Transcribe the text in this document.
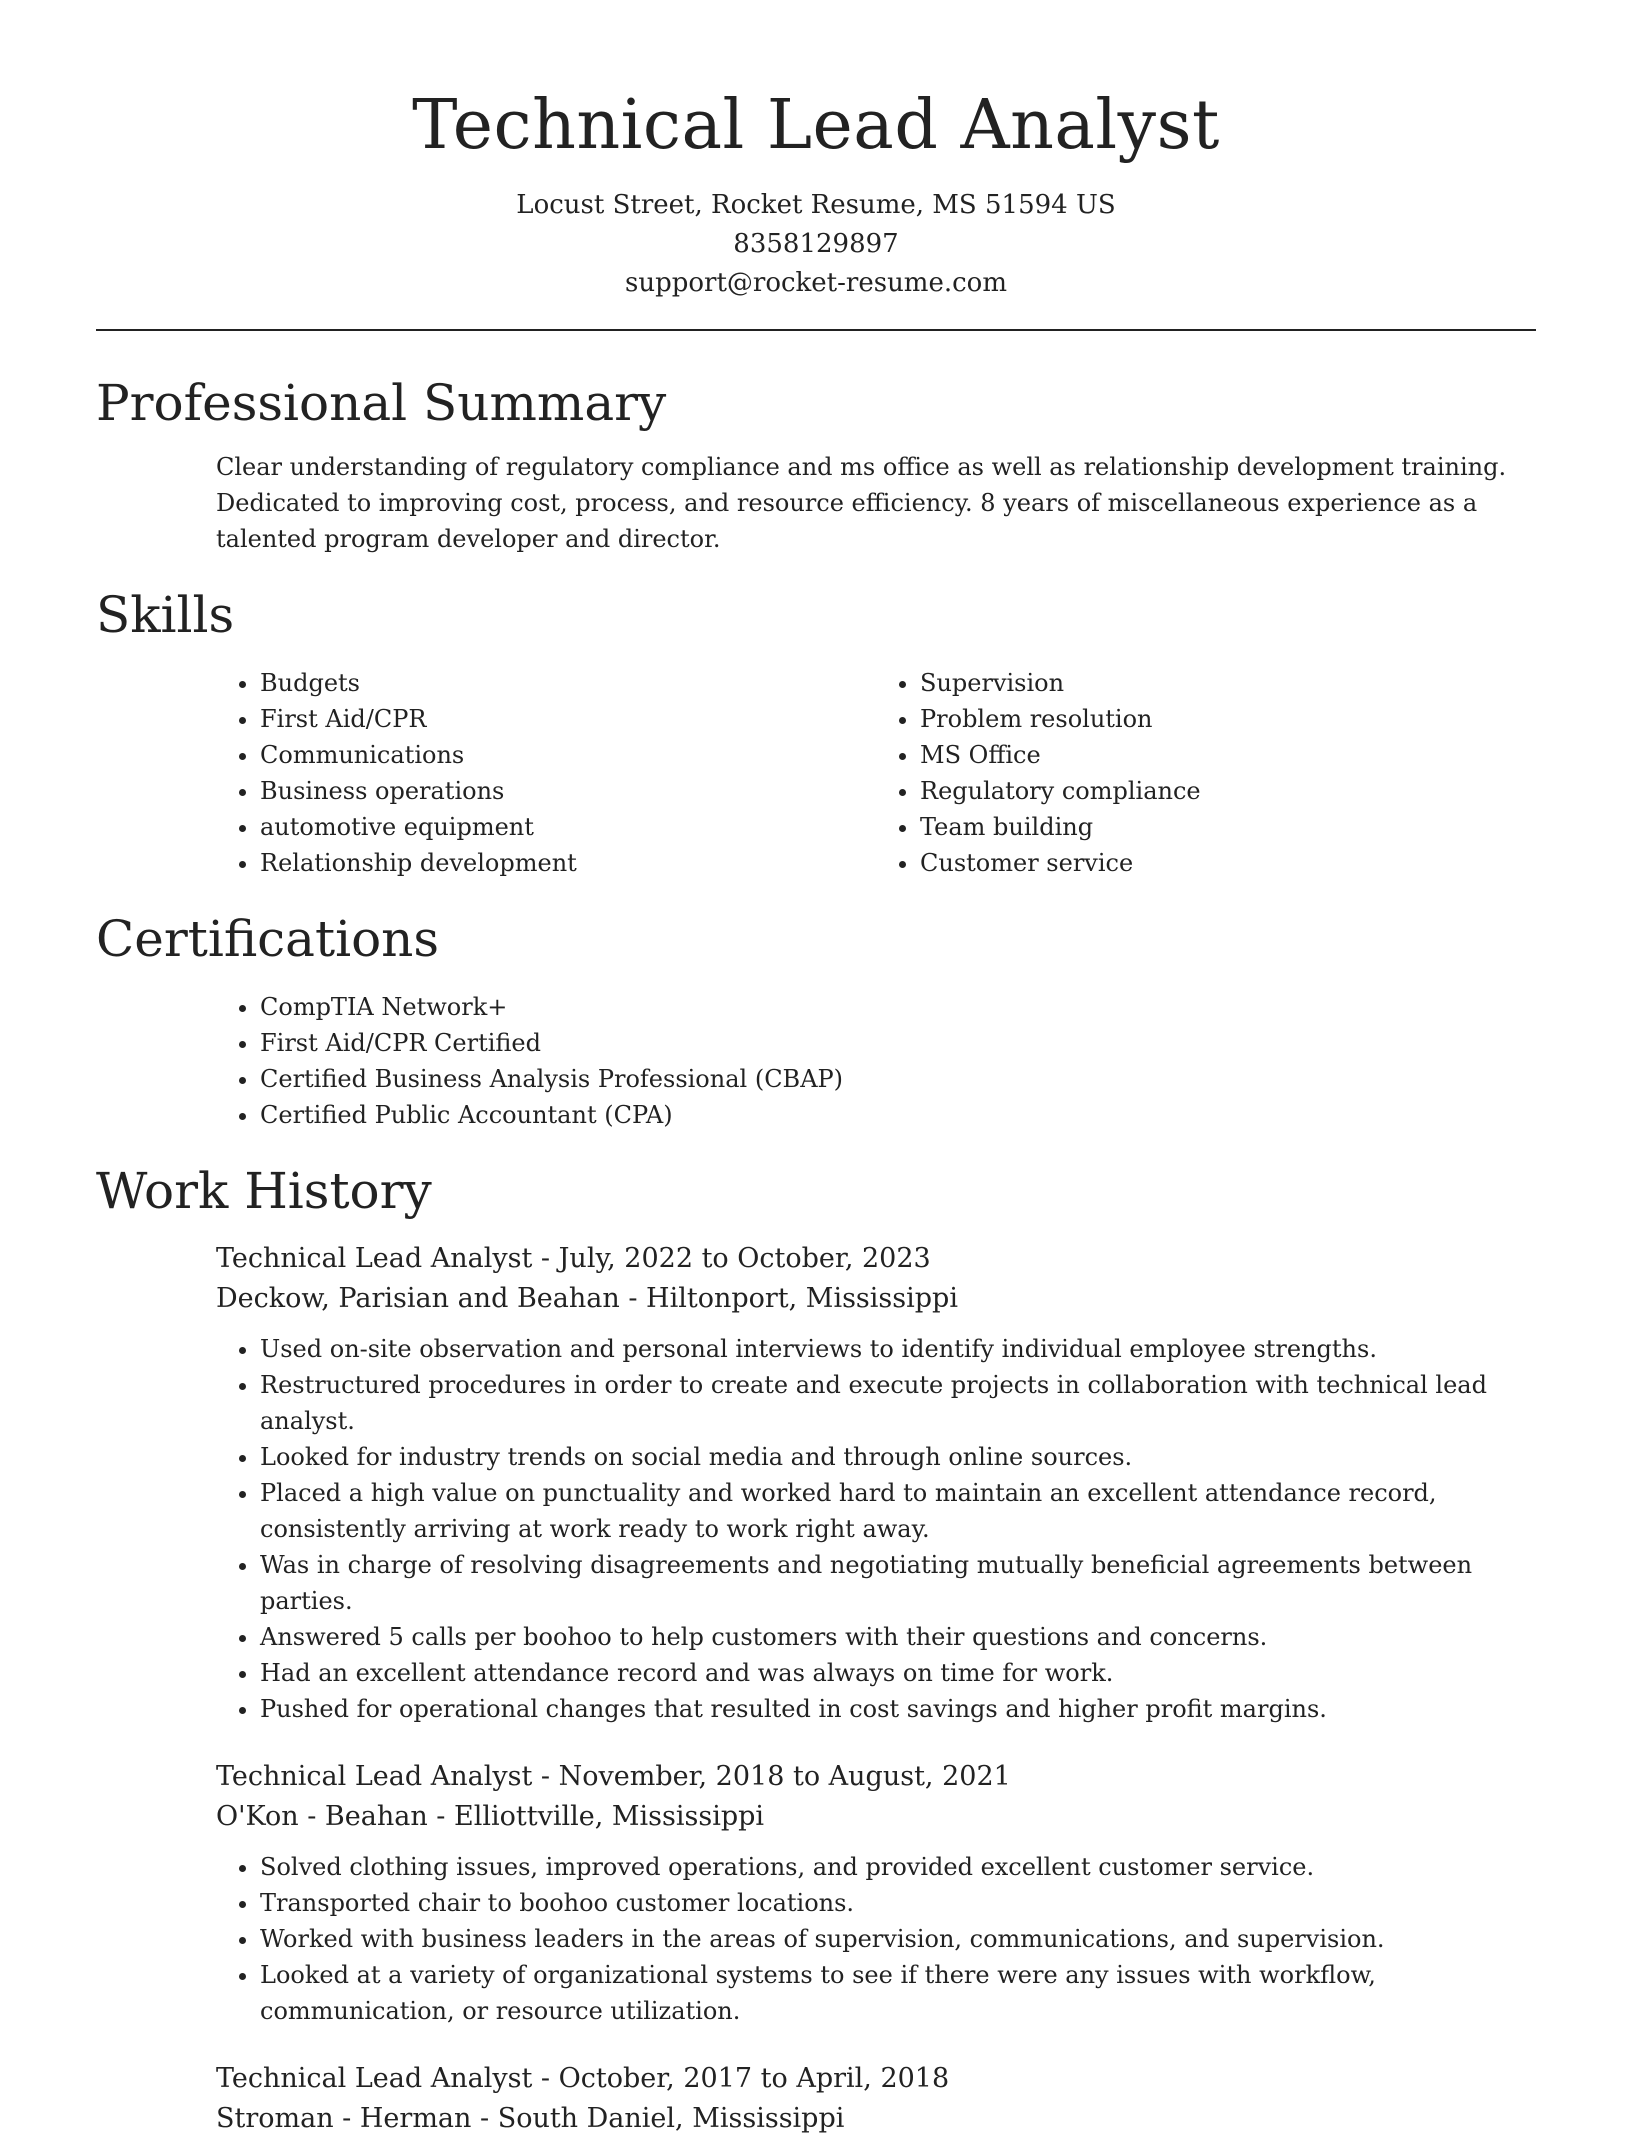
Technical Lead Analyst
Locust Street, Rocket Resume, MS 51594 US
8358129897
support@rocket-resume.com
Professional Summary
Clear understanding of regulatory compliance and ms office as well as relationship development training. Dedicated to improving cost, process, and resource efficiency. 8 years of miscellaneous experience as a talented program developer and director.
Skills
• Budgets
• First Aid/CPR
• Communications
• Business operations
• automotive equipment
• Relationship development
• Supervision
• Problem resolution
• MS Office
• Regulatory compliance
• Team building
• Customer service
Certifications
• CompTIA Network+
• First Aid/CPR Certified
• Certified Business Analysis Professional (CBAP)
• Certified Public Accountant (CPA)
Work History
Technical Lead Analyst - July, 2022 to October, 2023
Deckow, Parisian and Beahan - Hiltonport, Mississippi
• Used on-site observation and personal interviews to identify individual employee strengths.
• Restructured procedures in order to create and execute projects in collaboration with technical lead analyst.
• Looked for industry trends on social media and through online sources.
• Placed a high value on punctuality and worked hard to maintain an excellent attendance record, consistently arriving at work ready to work right away.
• Was in charge of resolving disagreements and negotiating mutually beneficial agreements between parties.
• Answered 5 calls per boohoo to help customers with their questions and concerns.
• Had an excellent attendance record and was always on time for work.
• Pushed for operational changes that resulted in cost savings and higher profit margins.
Technical Lead Analyst - November, 2018 to August, 2021
O'Kon - Beahan - Elliottville, Mississippi
• Solved clothing issues, improved operations, and provided excellent customer service.
• Transported chair to boohoo customer locations.
• Worked with business leaders in the areas of supervision, communications, and supervision.
• Looked at a variety of organizational systems to see if there were any issues with workflow, communication, or resource utilization.
Technical Lead Analyst - October, 2017 to April, 2018
Stroman - Herman - South Daniel, Mississippi
